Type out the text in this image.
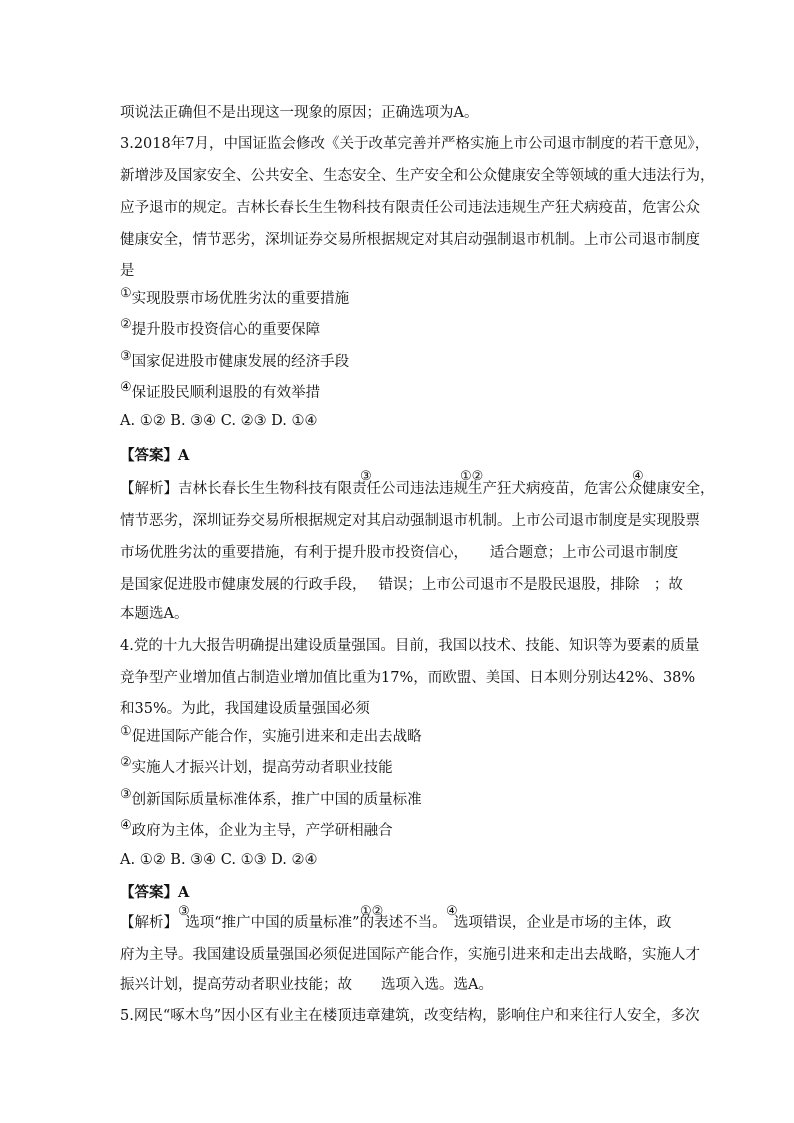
项说法正确但不是出现这一现象的原因；正确选项为A。
3.2018年7月，中国证监会修改《关于改革完善并严格实施上市公司退市制度的若干意见》，
新增涉及国家安全、公共安全、生态安全、生产安全和公众健康安全等领域的重大违法行为，
应予退市的规定。吉林长春长生生物科技有限责任公司违法违规生产狂犬病疫苗，危害公众
健康安全，情节恶劣，深圳证券交易所根据规定对其启动强制退市机制。上市公司退市制度
是
①实现股票市场优胜劣汰的重要措施
②提升股市投资信心的重要保障
③国家促进股市健康发展的经济手段
④保证股民顺利退股的有效举措
A. ①② B. ③④ C. ②③ D. ①④
【答案】A
【解析】吉林长春长生生物科技有限责任公司违法违规生产狂犬病疫苗，危害公众健康安全，
③	①②	④
情节恶劣，深圳证券交易所根据规定对其启动强制退市机制。上市公司退市制度是实现股票
市场优胜劣汰的重要措施，有利于提升股市投资信心，　　适合题意；上市公司退市制度
是国家促进股市健康发展的行政手段，　 错误；上市公司退市不是股民退股，排除　；故
本题选A。
4.党的十九大报告明确提出建设质量强国。目前，我国以技术、技能、知识等为要素的质量
竞争型产业增加值占制造业增加值比重为17%，而欧盟、美国、日本则分别达42%、38%
和35%。为此，我国建设质量强国必须
①促进国际产能合作，实施引进来和走出去战略
②实施人才振兴计划，提高劳动者职业技能
③创新国际质量标准体系，推广中国的质量标准
④政府为主体，企业为主导，产学研相融合
A. ①② B. ③④ C. ①③ D. ②④
【答案】A
【解析】　选项“推广中国的质量标准”的表述不当。　选项错误，企业是市场的主体，政
③	①②	④
府为主导。我国建设质量强国必须促进国际产能合作，实施引进来和走出去战略，实施人才
振兴计划，提高劳动者职业技能；故　　选项入选。选A。
5.网民“啄木鸟”因小区有业主在楼顶违章建筑，改变结构，影响住户和来往行人安全，多次
